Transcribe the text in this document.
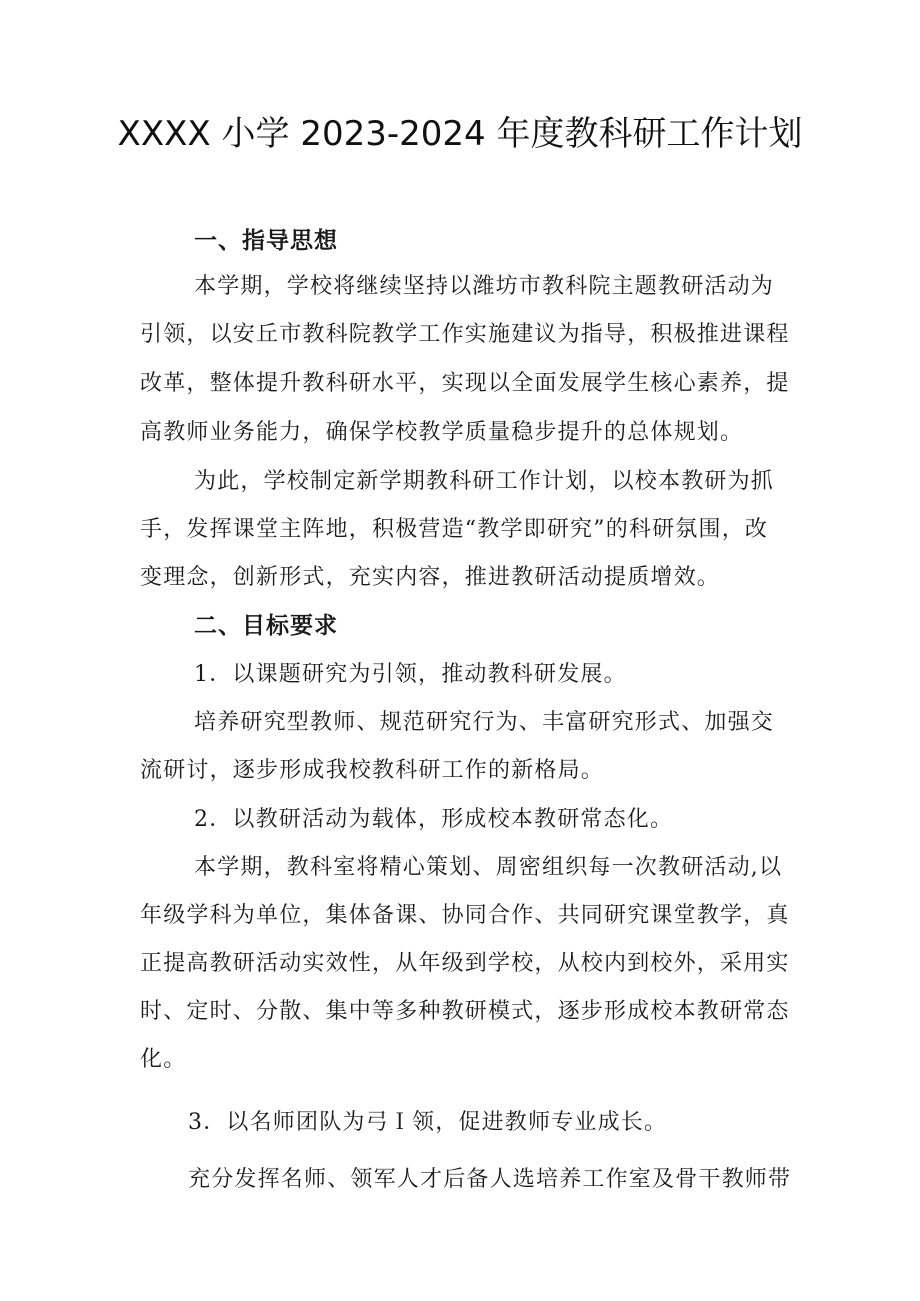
XXXX 小学 2023-2024 年度教科研工作计划
一、指导思想
本学期，学校将继续坚持以潍坊市教科院主题教研活动为
引领，以安丘市教科院教学工作实施建议为指导，积极推进课程
改革，整体提升教科研水平，实现以全面发展学生核心素养，提
高教师业务能力，确保学校教学质量稳步提升的总体规划。
为此，学校制定新学期教科研工作计划，以校本教研为抓
手，发挥课堂主阵地，积极营造“教学即研究”的科研氛围，改
变理念，创新形式，充实内容，推进教研活动提质增效。
二、目标要求
1．以课题研究为引领，推动教科研发展。
培养研究型教师、规范研究行为、丰富研究形式、加强交
流研讨，逐步形成我校教科研工作的新格局。
2．以教研活动为载体，形成校本教研常态化。
本学期，教科室将精心策划、周密组织每一次教研活动,以
年级学科为单位，集体备课、协同合作、共同研究课堂教学，真
正提高教研活动实效性，从年级到学校，从校内到校外，采用实
时、定时、分散、集中等多种教研模式，逐步形成校本教研常态
化。
3．以名师团队为弓Ｉ领，促进教师专业成长。
充分发挥名师、领军人才后备人选培养工作室及骨干教师带
